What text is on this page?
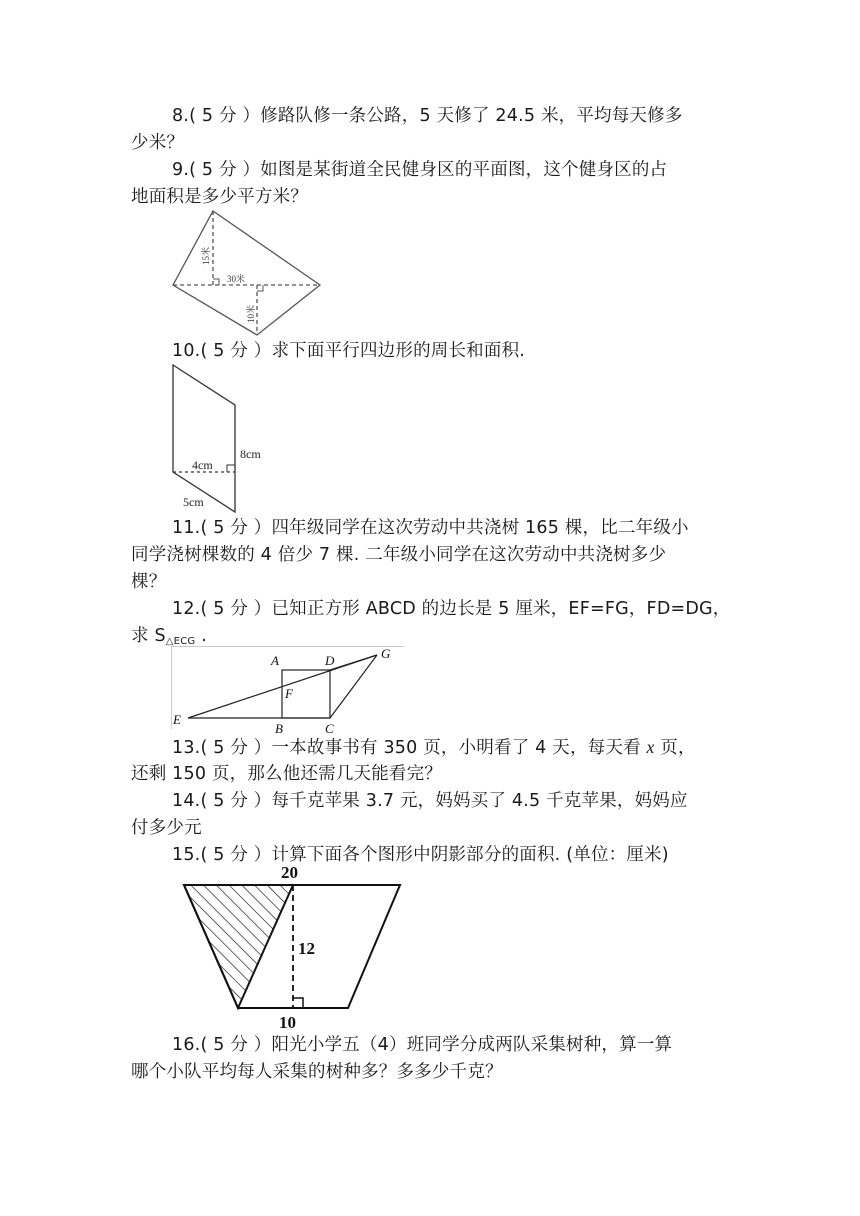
8.( 5 分 ）修路队修一条公路，5 天修了 24.5 米，平均每天修多
少米？
9.( 5 分 ）如图是某街道全民健身区的平面图，这个健身区的占
地面积是多少平方米？
15米
30米
10米
10.( 5 分 ）求下面平行四边形的周长和面积.
8cm
4cm
5cm
11.( 5 分 ）四年级同学在这次劳动中共浇树 165 棵，比二年级小
同学浇树棵数的 4 倍少 7 棵. 二年级小同学在这次劳动中共浇树多少
棵？
12.( 5 分 ）已知正方形 ABCD 的边长是 5 厘米，EF=FG，FD=DG，
求 $S_{\triangle ECG}$ .
A	D	G
F
E
B	C
13.( 5 分 ）一本故事书有 350 页，小明看了 4 天，每天看 x 页，
还剩 150 页，那么他还需几天能看完？
14.( 5 分 ）每千克苹果 3.7 元，妈妈买了 4.5 千克苹果，妈妈应
付多少元
15.( 5 分 ）计算下面各个图形中阴影部分的面积. (单位：厘米)
20
12
10
16.( 5 分 ）阳光小学五（4）班同学分成两队采集树种，算一算
哪个小队平均每人采集的树种多？多多少千克？
